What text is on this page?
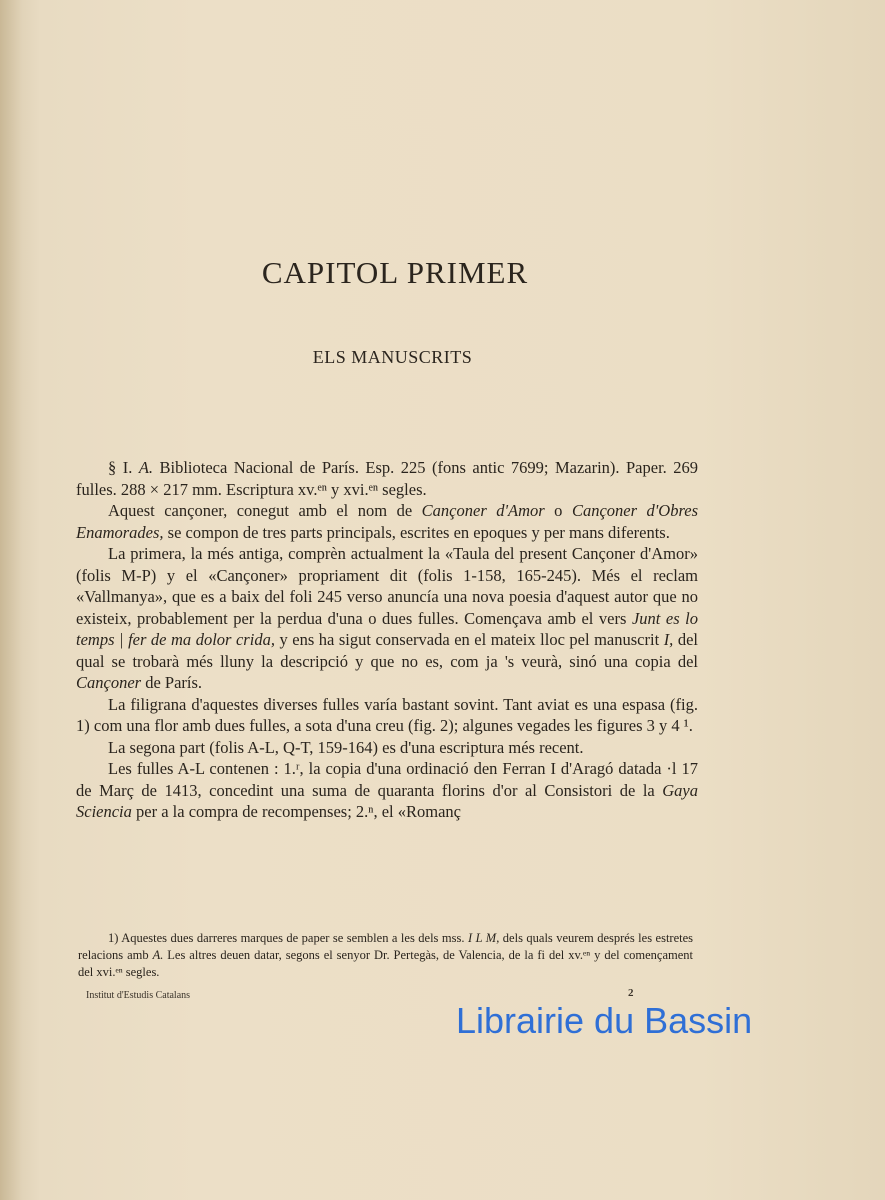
CAPITOL PRIMER
ELS MANUSCRITS

§ I. A. Biblioteca Nacional de París. Esp. 225 (fons antic 7699; Mazarin). Paper. 269 fulles. 288 × 217 mm. Escriptura xv.ᵉⁿ y xvi.ᵉⁿ segles.

Aquest cançoner, conegut amb el nom de Cançoner d'Amor o Cançoner d'Obres Enamorades, se compon de tres parts principals, escrites en epoques y per mans diferents.

La primera, la més antiga, comprèn actualment la «Taula del present Cançoner d'Amor» (folis M-P) y el «Cançoner» propriament dit (folis 1-158, 165-245). Més el reclam «Vallmanya», que es a baix del foli 245 verso anuncía una nova poesia d'aquest autor que no existeix, probablement per la perdua d'una o dues fulles. Començava amb el vers Junt es lo temps | fer de ma dolor crida, y ens ha sigut conservada en el mateix lloc pel manuscrit I, del qual se trobarà més lluny la descripció y que no es, com ja 's veurà, sinó una copia del Cançoner de París.

La filigrana d'aquestes diverses fulles varía bastant sovint. Tant aviat es una espasa (fig. 1) com una flor amb dues fulles, a sota d'una creu (fig. 2); algunes vegades les figures 3 y 4 ¹.

La segona part (folis A-L, Q-T, 159-164) es d'una escriptura més recent.

Les fulles A-L contenen : 1.ʳ, la copia d'una ordinació den Ferran I d'Aragó datada ·l 17 de Març de 1413, concedint una suma de quaranta florins d'or al Consistori de la Gaya Sciencia per a la compra de recompenses; 2.ⁿ, el «Romanç

1) Aquestes dues darreres marques de paper se semblen a les dels mss. I L M, dels quals veurem després les estretes relacions amb A. Les altres deuen datar, segons el senyor Dr. Pertegàs, de Valencia, de la fi del xv.ᵉⁿ y del començament del xvi.ᵉⁿ segles.

Institut d'Estudis Catalans	2
Librairie du Bassin
